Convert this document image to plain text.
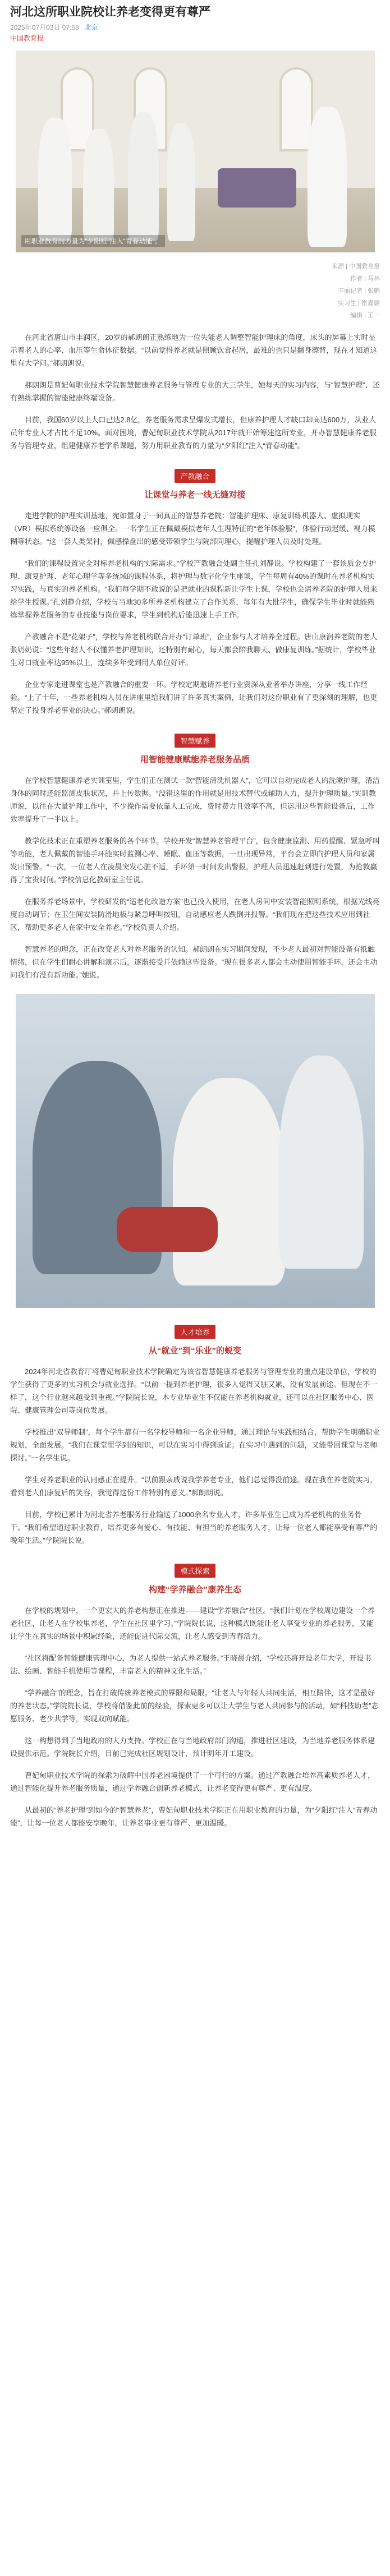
河北这所职业院校让养老变得更有尊严
2025年07月03日 07:58 北京
中国教育报
用职业教育的力量为“夕阳红”注入“青春动能”。
来源 | 中国教育报
作者 | 马林
丰丽记者 | 张鹏
实习生 | 崔嘉璐
编辑 | 王一

在河北省唐山市丰润区，20岁的郝朗朗正熟练地为一位失能老人调整智能护理床的角度，床头的屏幕上实时显示着老人的心率、血压等生命体征数据。“以前觉得养老就是照顾饮食起居，最难的也只是翻身擦背，现在才知道这里有大学问。”郝朗朗说。

郝朗朗是曹妃甸职业技术学院智慧健康养老服务与管理专业的大三学生，她每天的实习内容，与“智慧护理”、还有熟练掌握的智能健康终端设备。

目前，我国60岁以上人口已达2.8亿，养老服务需求呈爆发式增长，但康养护理人才缺口却高达600万，从业人员年专业人才占比不足10%。面对困境，曹妃甸职业技术学院从2017年就开始筹建这所专业，开办智慧健康养老服务与管理专业，组建健康养老学系课题，努力用职业教育的力量为“夕阳红”注入“青春动能”。

产教融合
让课堂与养老一线无缝对接

走进学院的护理实训基地，宛如置身于一间真正的智慧养老院：智能护理床、康复训练机器人、虚拟现实（VR）模拟系统等设备一应俱全。一名学生正在佩戴模拟老年人生理特征的“老年体验服”，体验行动迟缓、视力模糊等状态。“这一套人类架衬，佩感操盘出的感受带领学生与院部同理心，提醒护理人员及时处理。

“我们的课程设置完全对标养老机构的实际需求。”学校产教融合处副主任孔刘静说。学校构建了一套该质金专护理、康复护理、老年心理学等多统域的课程体系，将护理与数字化学生座谈，学生每周有40%的课时在养老机构实习实践，与真实的养老机构。“我们每学期不敢说的是把就业的课程新让学生上课，学校也会请养老院的护理人员来给学生授课。”孔刘静介绍，学校与当地30多所养老机构建立了合作关系，每年有大批学生，确保学生毕业时就能熟练掌握养老服务的专业技能与岗位要求，学生到机构后能迅速上手工作。

产教融合不是“花架子”，学校与养老机构联合开办“订单班”，企业参与人才培养全过程。唐山康润养老院的老人张奶奶说：“这些年轻人不仅懂养老护理知识，还特别有耐心，每天都会陪我聊天、做康复训练。”据统计，学校毕业生对口就业率达95%以上，连续多年受到用人单位好评。

企业专家走进课堂也是产教融合的重要一环。学校定期邀请养老行业资深从业者举办讲座，分享一线工作经验。“上了十年，一些养老机构人员在讲座里给我们讲了许多真实案例，让我们对这份职业有了更深刻的理解，也更坚定了投身养老事业的决心。”郝朗朗说。

智慧赋养
用智能健康赋能养老服务品质

在学校智慧健康养老实训室里，学生们正在测试一款“智能清洗机器人”，它可以自动完成老人的洗漱护理，清洁身体的同时还能监测皮肤状况，并上传数据。“没错这里的作用就是用技术替代或辅助人力，提升护理质量。”实训教师说，以往在大量护理工作中，不少操作需要依靠人工完成，费时费力且效率不高，但运用这些智能设备后，工作效率提升了一半以上。

教学化技术正在重塑养老服务的各个环节。学校开发“智慧养老管理平台”，包含健康监测、用药提醒、紧急呼叫等功能，老人佩戴的智能手环能实时监测心率、睡眠、血压等数据，一旦出现异常，平台会立即向护理人员和家属发出预警。“一次，一位老人在凌晨突发心脏不适，手环第一时间发出警报，护理人员迅速赶到进行处置，为抢救赢得了宝贵时间。”学校信息化教研室主任说。

在服务养老场景中，学校研发的“适老化改造方案”也已投入使用，在老人房间中安装智能照明系统，根据光线亮度自动调节；在卫生间安装防滑地板与紧急呼叫按钮，自动感应老人跌倒并报警。“我们现在把这些技术应用到社区，帮助更多老人在家中安全养老。”学校负责人介绍。

智慧养老的理念，正在改变老人对养老服务的认知。郝朗朗在实习期间发现，不少老人最初对智能设备有抵触情绪，但在学生们耐心讲解和演示后，逐渐接受并依赖这些设备。“现在很多老人都会主动使用智能手环，还会主动问我们有没有新功能。”她说。

人才培养
从“就业”到“乐业”的蜕变

2024年河北省教育厅将曹妃甸职业技术学院确定为该省智慧健康养老服务与管理专业的重点建设单位，学校的学生获得了更多的实习机会与就业选择。“以前一提到养老护理，很多人觉得又脏又累，没有发展前途。但现在不一样了，这个行业越来越受到重视。”学院院长说，本专业毕业生不仅能在养老机构就业，还可以在社区服务中心、医院、健康管理公司等岗位发展。

学校推出“双导师制”，每个学生都有一名学校导师和一名企业导师，通过理论与实践相结合，帮助学生明确职业规划，全面发展。“我们在课堂里学到的知识，可以在实习中得到验证；在实习中遇到的问题，又能带回课堂与老师探讨。”一名学生说。

学生对养老职业的认同感正在提升。“以前跟亲戚说我学养老专业，他们总觉得没前途。现在我在养老院实习，看到老人们康复后的笑容，我觉得这份工作特别有意义。”郝朗朗说。

目前，学校已累计为河北省养老服务行业输送了1000余名专业人才，许多毕业生已成为养老机构的业务骨干。“我们希望通过职业教育，培养更多有爱心、有技能、有担当的养老服务人才，让每一位老人都能享受有尊严的晚年生活。”学院院长说。

模式探索
构建“学养融合”康养生态

在学校的规划中，一个更宏大的养老构想正在推进——建设“学养融合”社区。“我们计划在学校周边建设一个养老社区，让老人在学校里养老，学生在社区里学习。”学院院长说，这种模式既能让老人享受专业的养老服务，又能让学生在真实的场景中积累经验，还能促进代际交流，让老人感受到青春活力。

“社区将配备智能健康管理中心，为老人提供一站式养老服务。”王晓晨介绍，“学校还将开设老年大学，开设书法、绘画、智能手机使用等课程，丰富老人的精神文化生活。”

“学养融合”的理念，旨在打破传统养老模式的界限和局限。“让老人与年轻人共同生活，相互陪伴，这才是最好的养老状态。”学院院长说，学校将借鉴此前的经验，探索更多可以让大学生与老人共同参与的活动，如“科技助老”志愿服务、老少共学等，实现双向赋能。

这一构想得到了当地政府的大力支持。学校正在与当地政府部门沟通，推进社区建设，为当地养老服务体系建设提供示范。学院院长介绍，目前已完成社区规划设计，预计明年开工建设。

曹妃甸职业技术学院的探索为破解中国养老困境提供了一个可行的方案。通过产教融合培养高素质养老人才，通过智能化提升养老服务质量，通过学养融合创新养老模式，让养老变得更有尊严、更有温度。

从最初的“养老护理”到如今的“智慧养老”，曹妃甸职业技术学院正在用职业教育的力量，为“夕阳红”注入“青春动能”，让每一位老人都能安享晚年，让养老事业更有尊严、更加温暖。
